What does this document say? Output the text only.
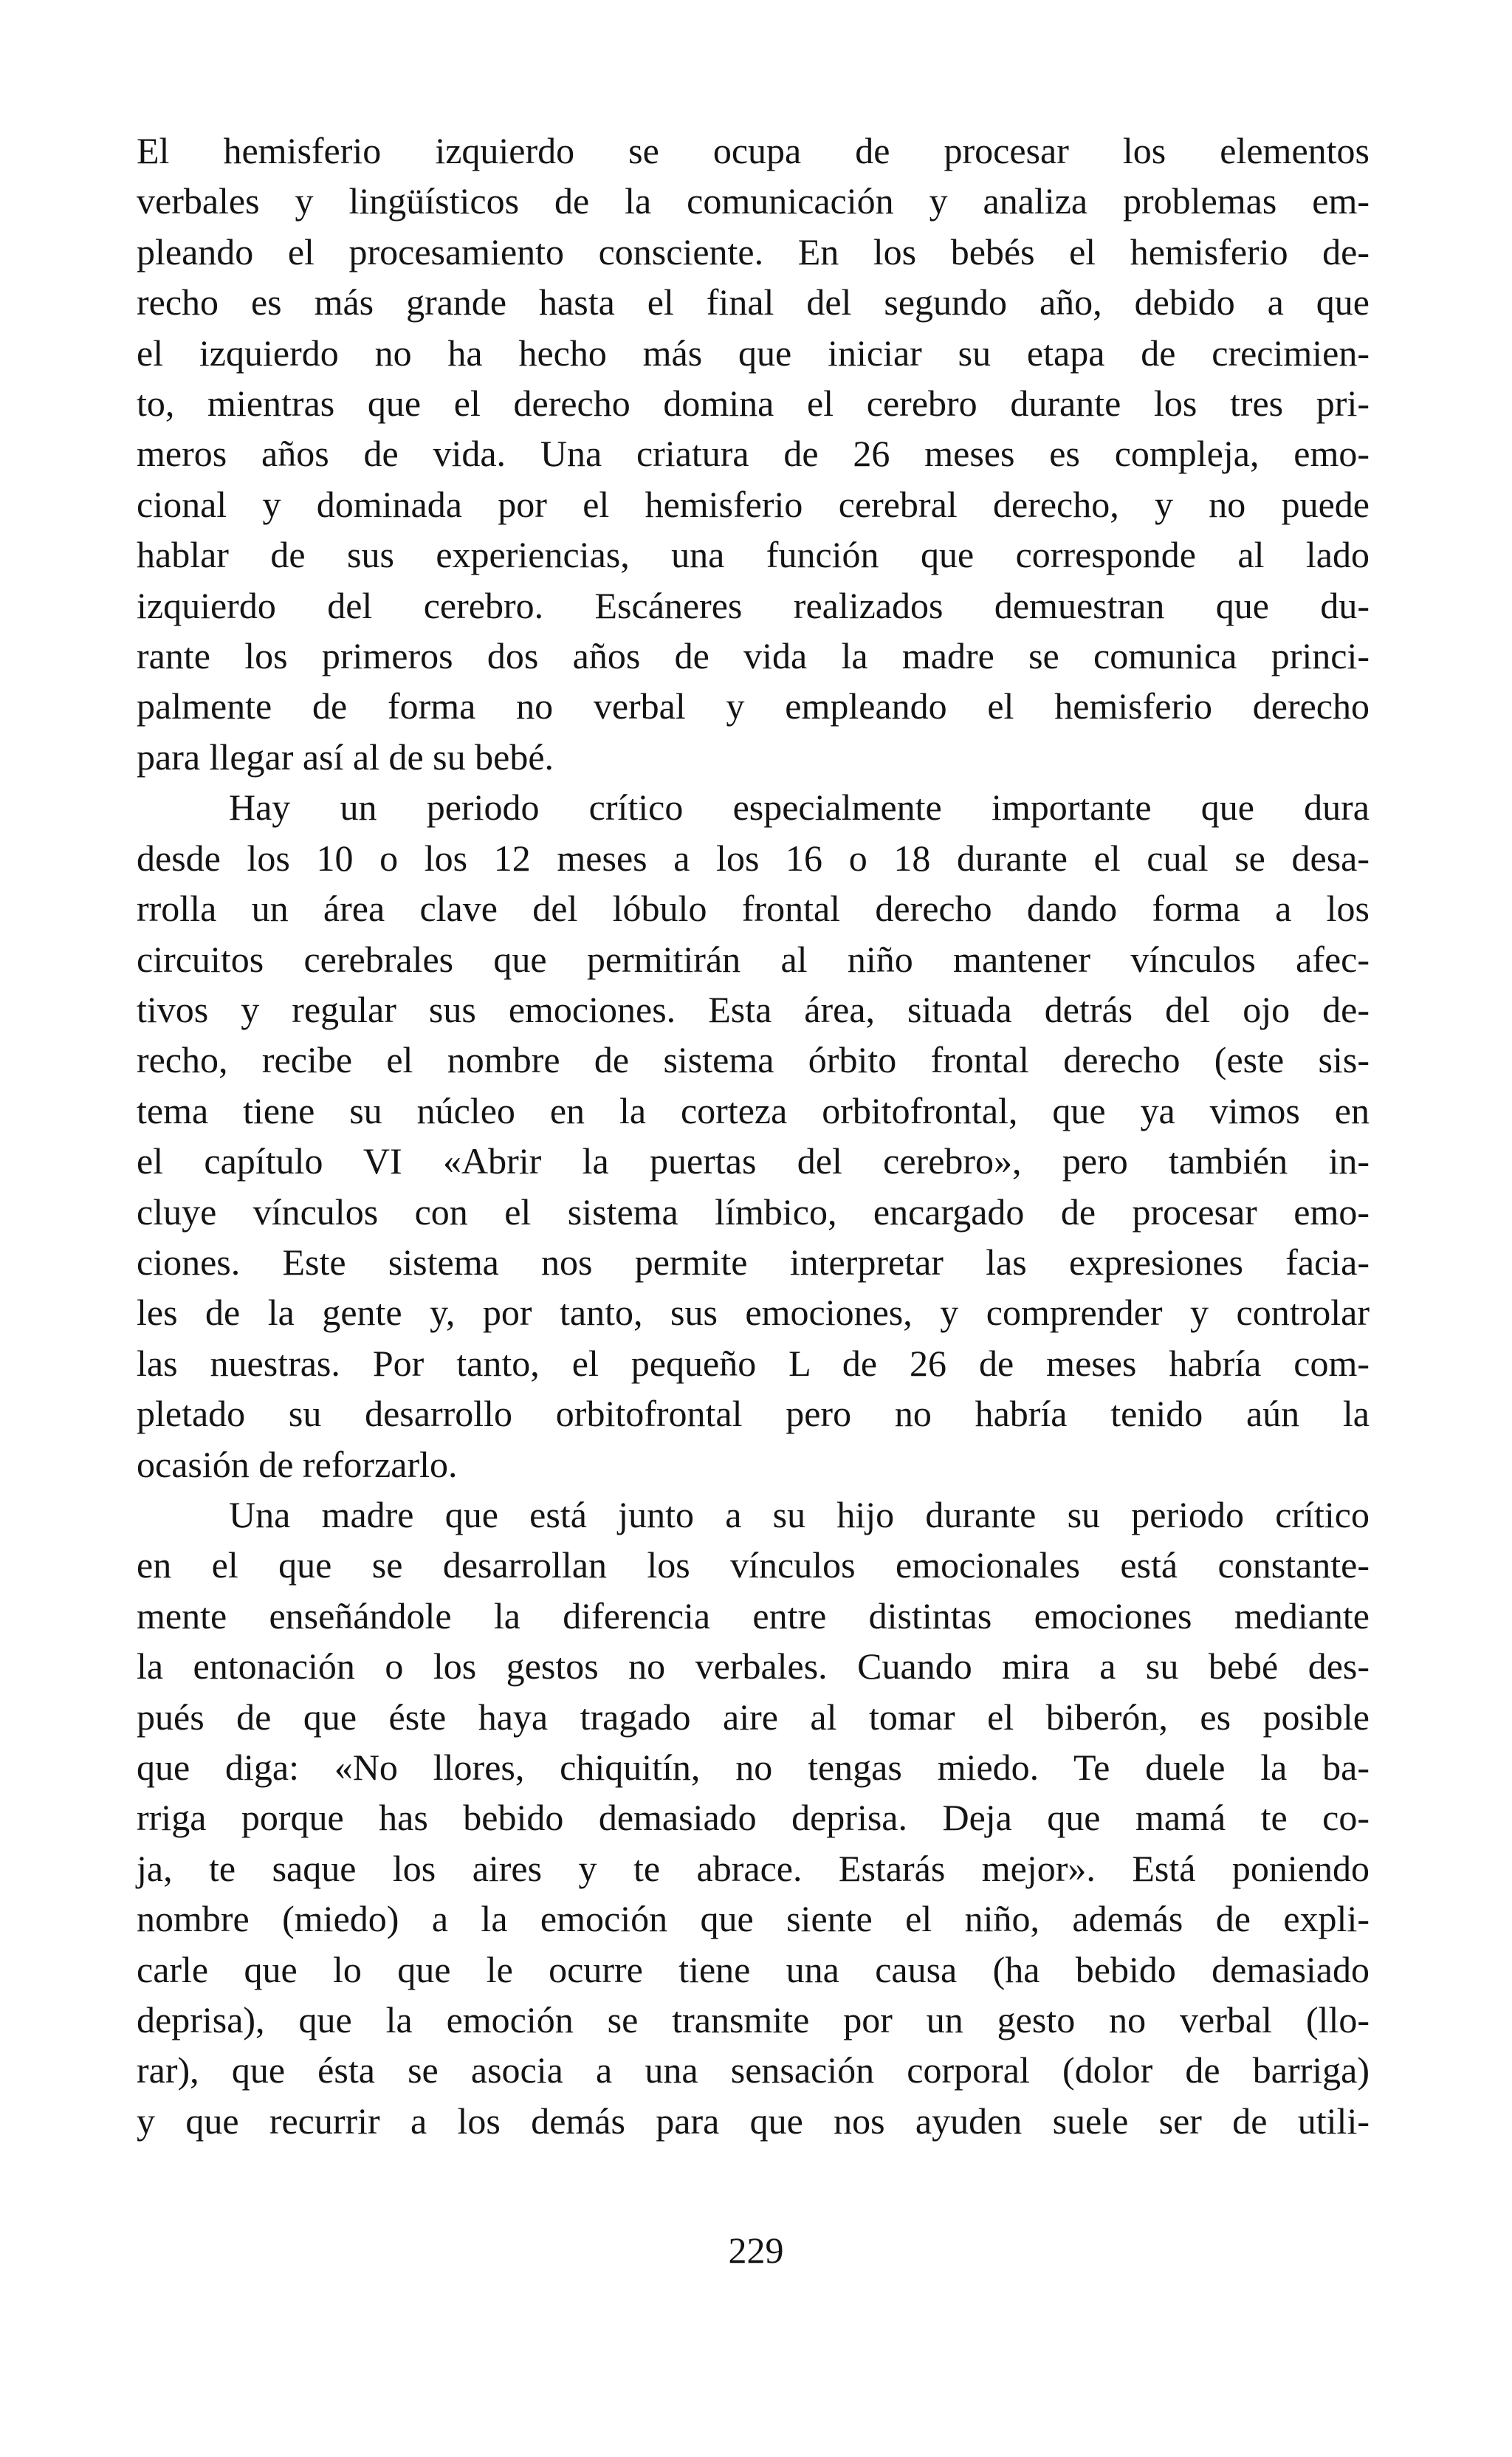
El hemisferio izquierdo se ocupa de procesar los elementos
verbales y lingüísticos de la comunicación y analiza problemas em-
pleando el procesamiento consciente. En los bebés el hemisferio de-
recho es más grande hasta el final del segundo año, debido a que
el izquierdo no ha hecho más que iniciar su etapa de crecimien-
to, mientras que el derecho domina el cerebro durante los tres pri-
meros años de vida. Una criatura de 26 meses es compleja, emo-
cional y dominada por el hemisferio cerebral derecho, y no puede
hablar de sus experiencias, una función que corresponde al lado
izquierdo del cerebro. Escáneres realizados demuestran que du-
rante los primeros dos años de vida la madre se comunica princi-
palmente de forma no verbal y empleando el hemisferio derecho
para llegar así al de su bebé.

Hay un periodo crítico especialmente importante que dura
desde los 10 o los 12 meses a los 16 o 18 durante el cual se desa-
rrolla un área clave del lóbulo frontal derecho dando forma a los
circuitos cerebrales que permitirán al niño mantener vínculos afec-
tivos y regular sus emociones. Esta área, situada detrás del ojo de-
recho, recibe el nombre de sistema órbito frontal derecho (este sis-
tema tiene su núcleo en la corteza orbitofrontal, que ya vimos en
el capítulo VI «Abrir la puertas del cerebro», pero también in-
cluye vínculos con el sistema límbico, encargado de procesar emo-
ciones. Este sistema nos permite interpretar las expresiones facia-
les de la gente y, por tanto, sus emociones, y comprender y controlar
las nuestras. Por tanto, el pequeño L de 26 de meses habría com-
pletado su desarrollo orbitofrontal pero no habría tenido aún la
ocasión de reforzarlo.

Una madre que está junto a su hijo durante su periodo crítico
en el que se desarrollan los vínculos emocionales está constante-
mente enseñándole la diferencia entre distintas emociones mediante
la entonación o los gestos no verbales. Cuando mira a su bebé des-
pués de que éste haya tragado aire al tomar el biberón, es posible
que diga: «No llores, chiquitín, no tengas miedo. Te duele la ba-
rriga porque has bebido demasiado deprisa. Deja que mamá te co-
ja, te saque los aires y te abrace. Estarás mejor». Está poniendo
nombre (miedo) a la emoción que siente el niño, además de expli-
carle que lo que le ocurre tiene una causa (ha bebido demasiado
deprisa), que la emoción se transmite por un gesto no verbal (llo-
rar), que ésta se asocia a una sensación corporal (dolor de barriga)
y que recurrir a los demás para que nos ayuden suele ser de utili-

229
